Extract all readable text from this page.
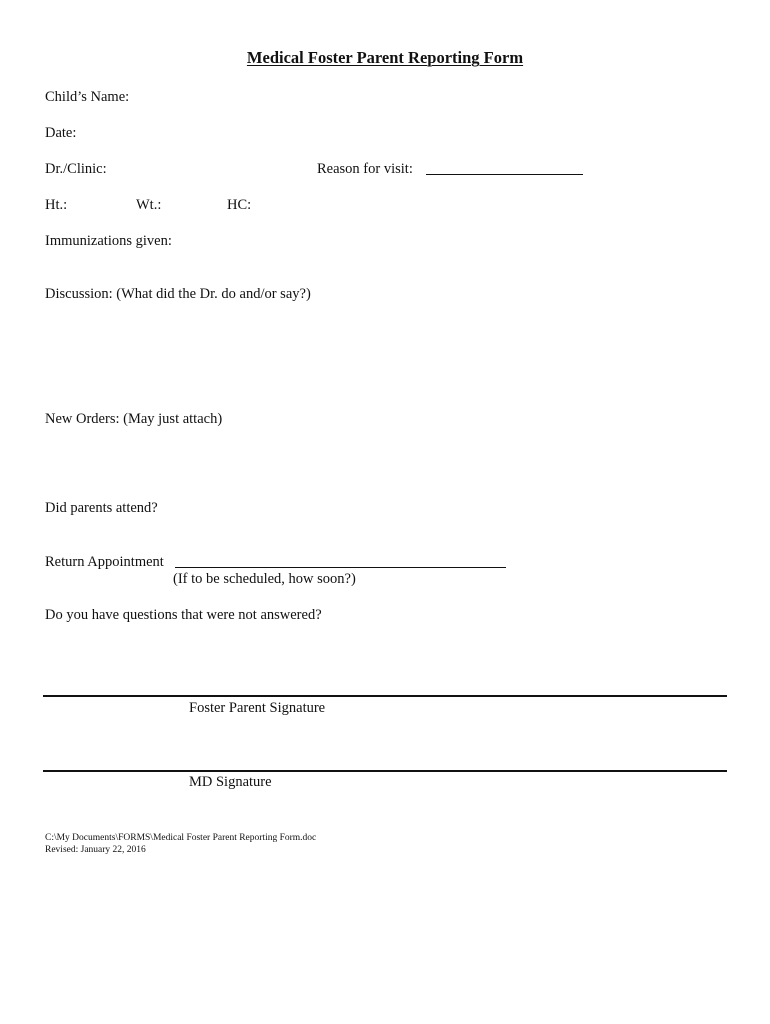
Medical Foster Parent Reporting Form
Child’s Name:
Date:
Dr./Clinic:	Reason for visit:
Ht.:	Wt.:	HC:
Immunizations given:
Discussion: (What did the Dr. do and/or say?)
New Orders: (May just attach)
Did parents attend?
Return Appointment
(If to be scheduled, how soon?)
Do you have questions that were not answered?
Foster Parent Signature
MD Signature
C:\My Documents\FORMS\Medical Foster Parent Reporting Form.doc
Revised: January 22, 2016
